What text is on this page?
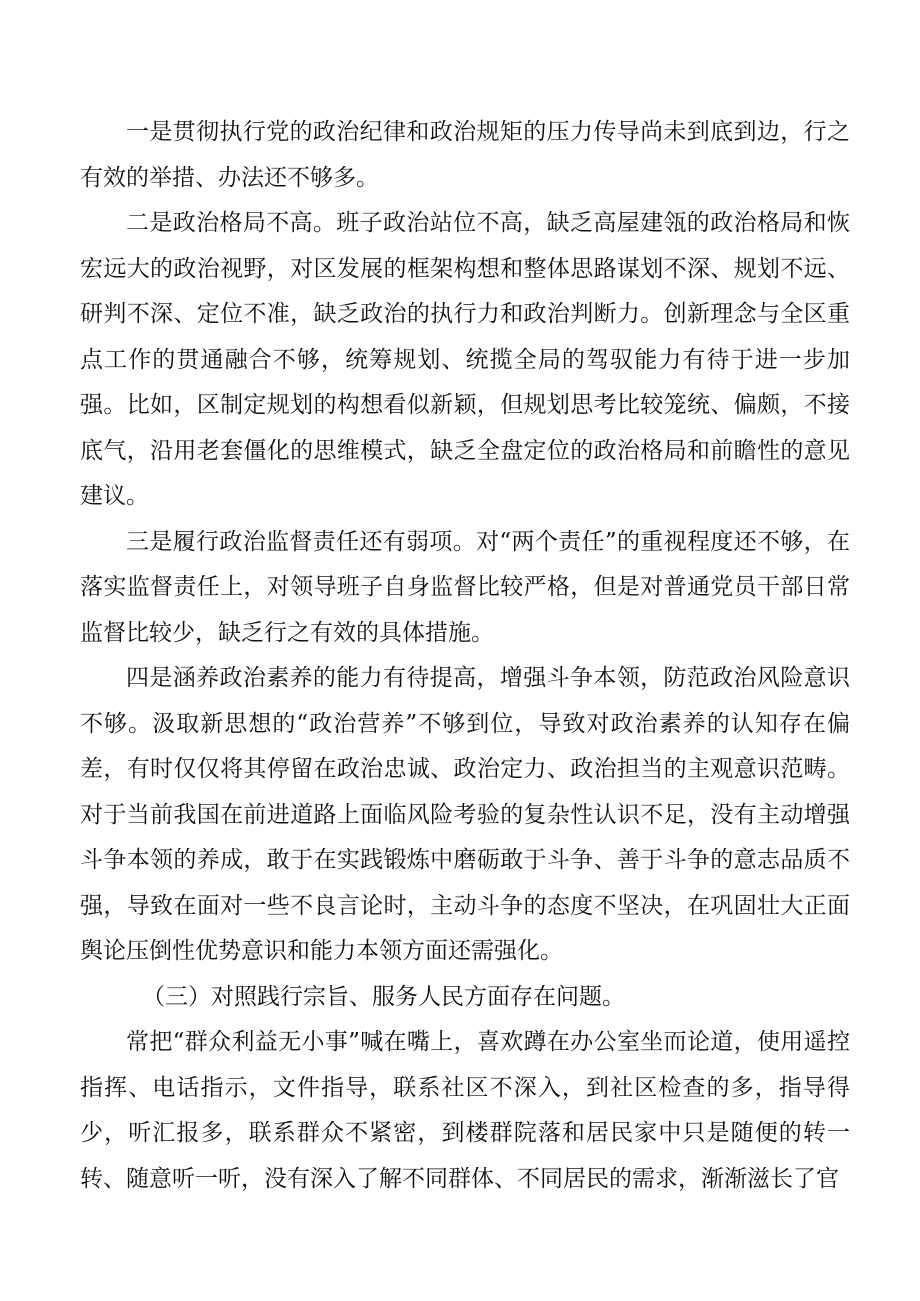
一是贯彻执行党的政治纪律和政治规矩的压力传导尚未到底到边，行之有效的举措、办法还不够多。

二是政治格局不高。班子政治站位不高，缺乏高屋建瓴的政治格局和恢宏远大的政治视野，对区发展的框架构想和整体思路谋划不深、规划不远、研判不深、定位不准，缺乏政治的执行力和政治判断力。创新理念与全区重点工作的贯通融合不够，统筹规划、统揽全局的驾驭能力有待于进一步加强。比如，区制定规划的构想看似新颖，但规划思考比较笼统、偏颇，不接底气，沿用老套僵化的思维模式，缺乏全盘定位的政治格局和前瞻性的意见建议。

三是履行政治监督责任还有弱项。对“两个责任”的重视程度还不够，在落实监督责任上，对领导班子自身监督比较严格，但是对普通党员干部日常监督比较少，缺乏行之有效的具体措施。

四是涵养政治素养的能力有待提高，增强斗争本领，防范政治风险意识不够。汲取新思想的“政治营养”不够到位，导致对政治素养的认知存在偏差，有时仅仅将其停留在政治忠诚、政治定力、政治担当的主观意识范畴。对于当前我国在前进道路上面临风险考验的复杂性认识不足，没有主动增强斗争本领的养成，敢于在实践锻炼中磨砺敢于斗争、善于斗争的意志品质不强，导致在面对一些不良言论时，主动斗争的态度不坚决，在巩固壮大正面舆论压倒性优势意识和能力本领方面还需强化。

（三）对照践行宗旨、服务人民方面存在问题。

常把“群众利益无小事”喊在嘴上，喜欢蹲在办公室坐而论道，使用遥控指挥、电话指示，文件指导，联系社区不深入，到社区检查的多，指导得少，听汇报多，联系群众不紧密，到楼群院落和居民家中只是随便的转一转、随意听一听，没有深入了解不同群体、不同居民的需求，渐渐滋长了官
